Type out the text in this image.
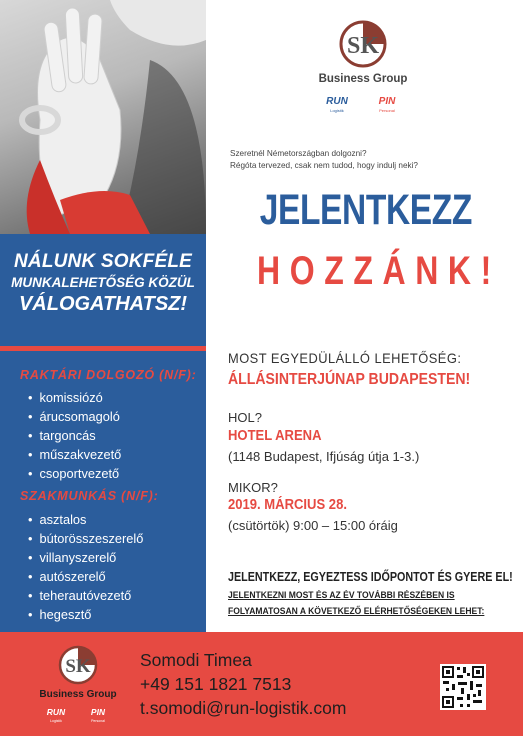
NÁLUNK SOKFÉLE
MUNKALEHETŐSÉG KÖZÜL
VÁLOGATHATSZ!
RAKTÁRI DOLGOZÓ (N/F):
• komissiózó
• árucsomagoló
• targoncás
• műszakvezető
• csoportvezető
SZAKMUNKÁS (N/F):
• asztalos
• bútorösszeszerelő
• villanyszerelő
• autószerelő
• teherautóvezető
• hegesztő
SK
Business Group
RUN
Logistik
PIN
Personal
Szeretnél Németországban dolgozni?
Régóta tervezed, csak nem tudod, hogy indulj neki?
JELENTKEZZ
HOZZÁNK!
MOST EGYEDÜLÁLLÓ LEHETŐSÉG:
ÁLLÁSINTERJÚNAP BUDAPESTEN!
HOL?
HOTEL ARENA
(1148 Budapest, Ifjúság útja 1-3.)
MIKOR?
2019. MÁRCIUS 28.
(csütörtök) 9:00 – 15:00 óráig
JELENTKEZZ, EGYEZTESS IDŐPONTOT ÉS GYERE EL!
JELENTKEZNI MOST ÉS AZ ÉV TOVÁBBI RÉSZÉBEN IS
FOLYAMATOSAN A KÖVETKEZŐ ELÉRHETŐSÉGEKEN LEHET:
SK
Business Group
RUN
Logistik
PIN
Personal
Somodi Timea
+49 151 1821 7513
t.somodi@run-logistik.com
